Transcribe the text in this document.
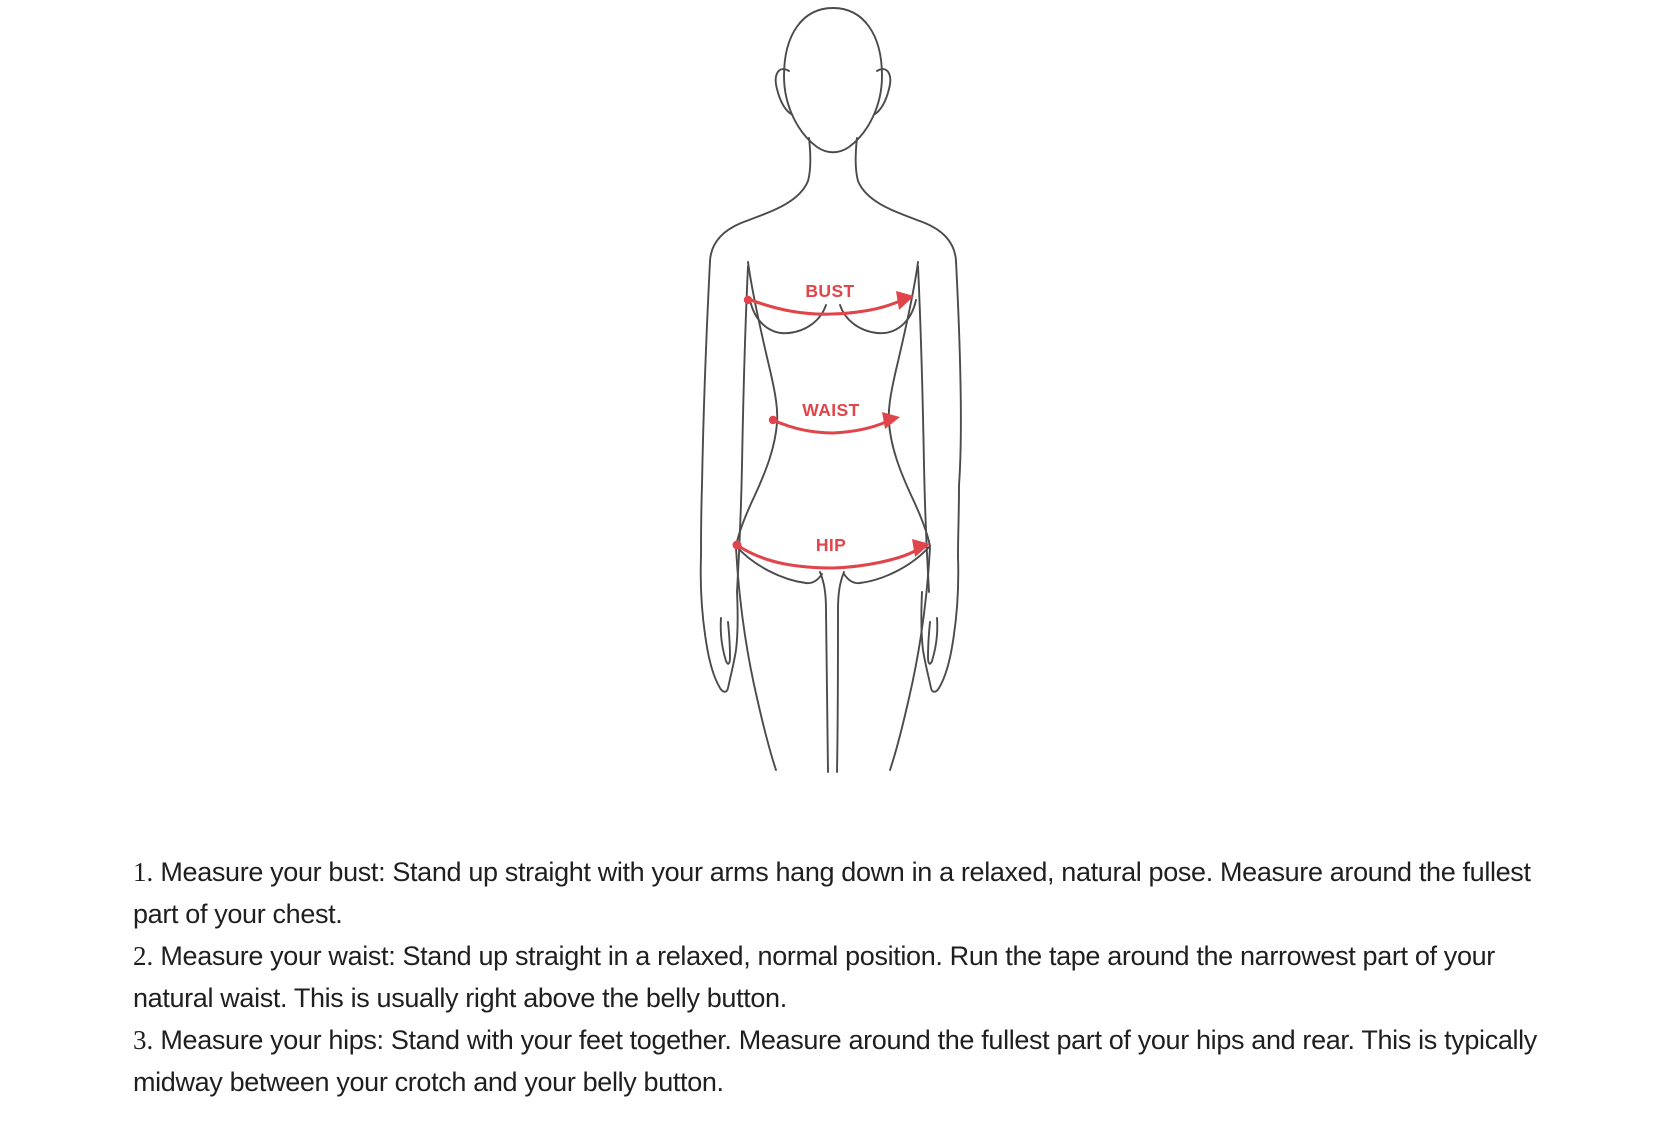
BUST
WAIST
HIP

1. Measure your bust: Stand up straight with your arms hang down in a relaxed, natural pose. Measure around the fullest
part of your chest.

2. Measure your waist: Stand up straight in a relaxed, normal position. Run the tape around the narrowest part of your
natural waist. This is usually right above the belly button.

3. Measure your hips: Stand with your feet together. Measure around the fullest part of your hips and rear. This is typically
midway between your crotch and your belly button.
